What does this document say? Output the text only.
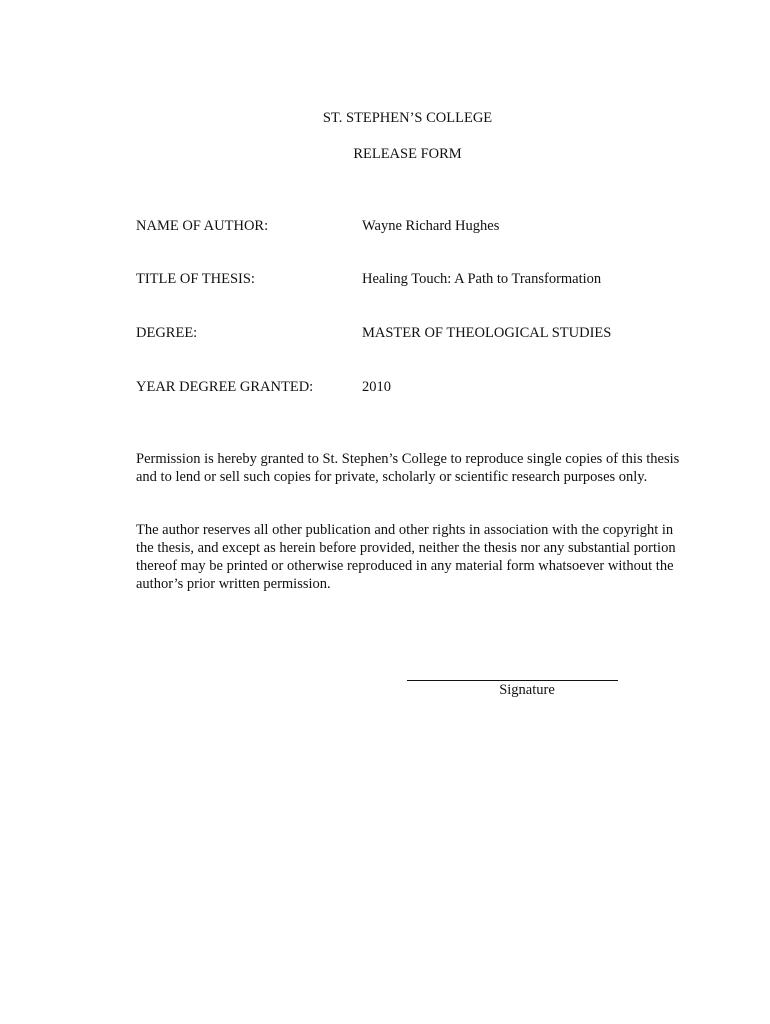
ST. STEPHEN’S COLLEGE
RELEASE FORM
NAME OF AUTHOR:	Wayne Richard Hughes
TITLE OF THESIS:	Healing Touch: A Path to Transformation
DEGREE:	MASTER OF THEOLOGICAL STUDIES
YEAR DEGREE GRANTED:	2010

Permission is hereby granted to St. Stephen’s College to reproduce single copies of this thesis and to lend or sell such copies for private, scholarly or scientific research purposes only.

The author reserves all other publication and other rights in association with the copyright in the thesis, and except as herein before provided, neither the thesis nor any substantial portion thereof may be printed or otherwise reproduced in any material form whatsoever without the author’s prior written permission.

Signature
